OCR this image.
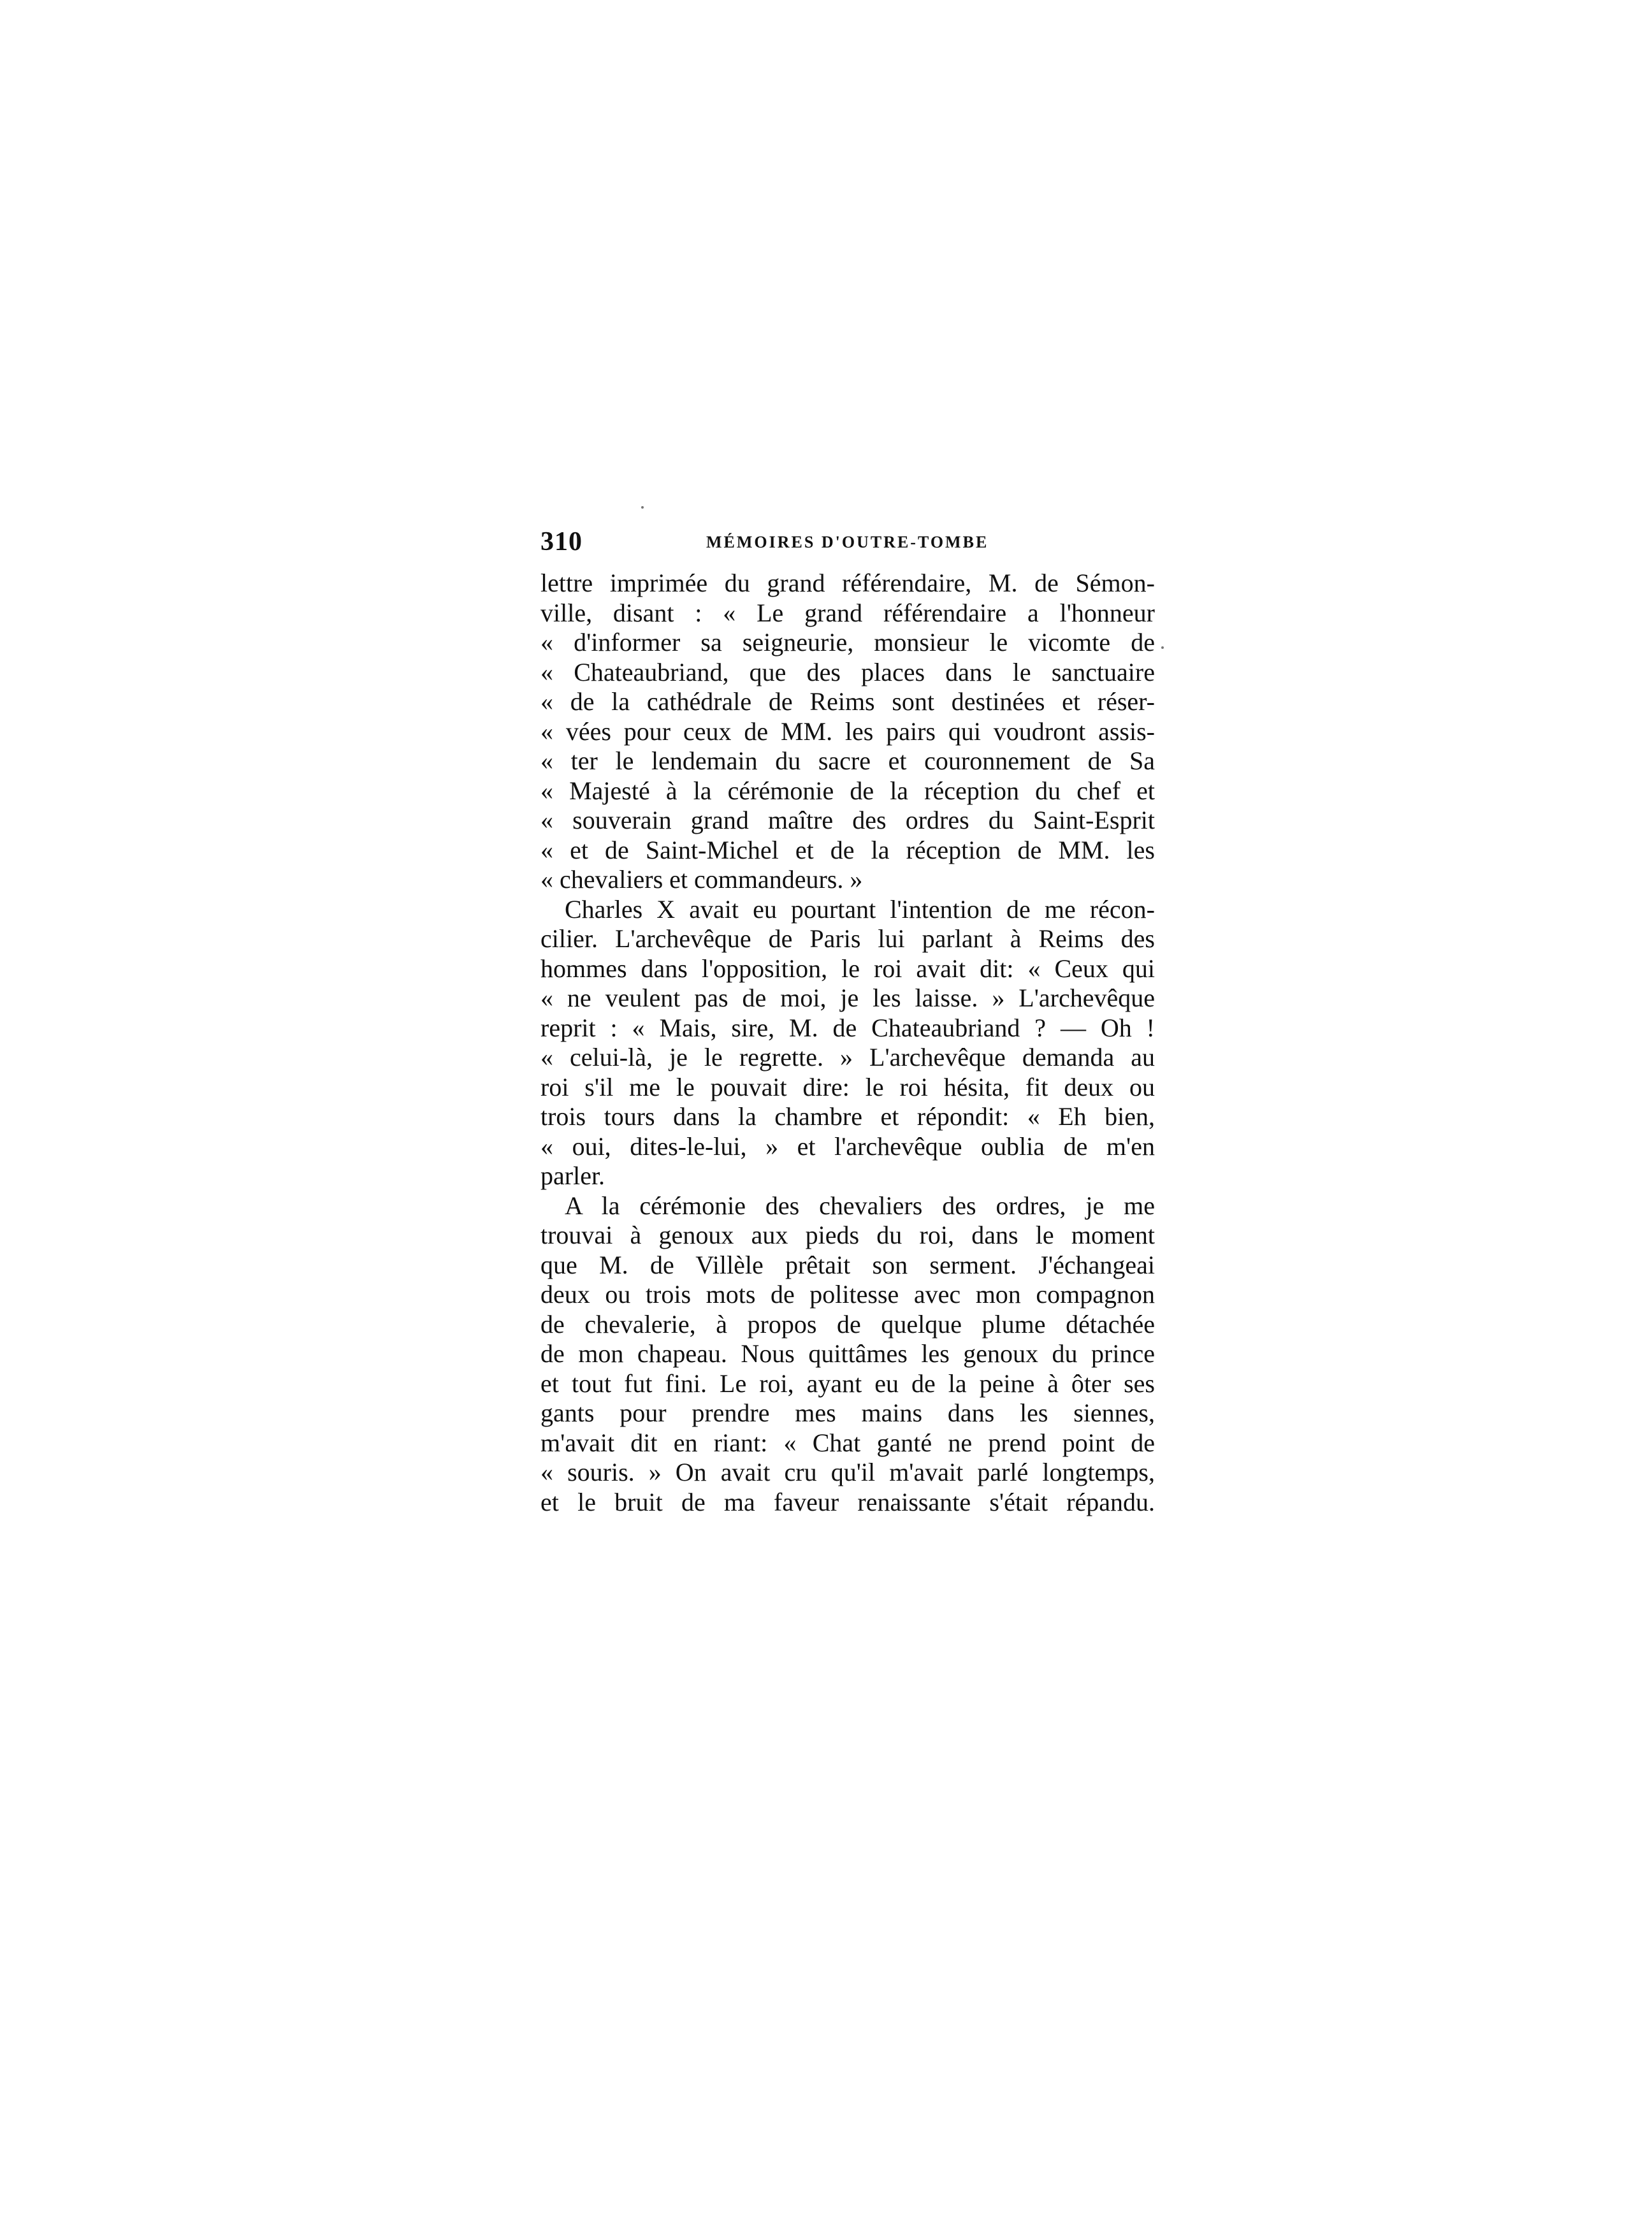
310	MÉMOIRES D'OUTRE-TOMBE
lettre imprimée du grand référendaire, M. de Sémon-
ville, disant : « Le grand référendaire a l'honneur
« d'informer sa seigneurie, monsieur le vicomte de
« Chateaubriand, que des places dans le sanctuaire
« de la cathédrale de Reims sont destinées et réser-
« vées pour ceux de MM. les pairs qui voudront assis-
« ter le lendemain du sacre et couronnement de Sa
« Majesté à la cérémonie de la réception du chef et
« souverain grand maître des ordres du Saint-Esprit
« et de Saint-Michel et de la réception de MM. les
« chevaliers et commandeurs. »
Charles X avait eu pourtant l'intention de me récon-
cilier. L'archevêque de Paris lui parlant à Reims des
hommes dans l'opposition, le roi avait dit: « Ceux qui
« ne veulent pas de moi, je les laisse. » L'archevêque
reprit : « Mais, sire, M. de Chateaubriand ? — Oh !
« celui-là, je le regrette. » L'archevêque demanda au
roi s'il me le pouvait dire: le roi hésita, fit deux ou
trois tours dans la chambre et répondit: « Eh bien,
« oui, dites-le-lui, » et l'archevêque oublia de m'en
parler.
A la cérémonie des chevaliers des ordres, je me
trouvai à genoux aux pieds du roi, dans le moment
que M. de Villèle prêtait son serment. J'échangeai
deux ou trois mots de politesse avec mon compagnon
de chevalerie, à propos de quelque plume détachée
de mon chapeau. Nous quittâmes les genoux du prince
et tout fut fini. Le roi, ayant eu de la peine à ôter ses
gants pour prendre mes mains dans les siennes,
m'avait dit en riant: « Chat ganté ne prend point de
« souris. » On avait cru qu'il m'avait parlé longtemps,
et le bruit de ma faveur renaissante s'était répandu.
